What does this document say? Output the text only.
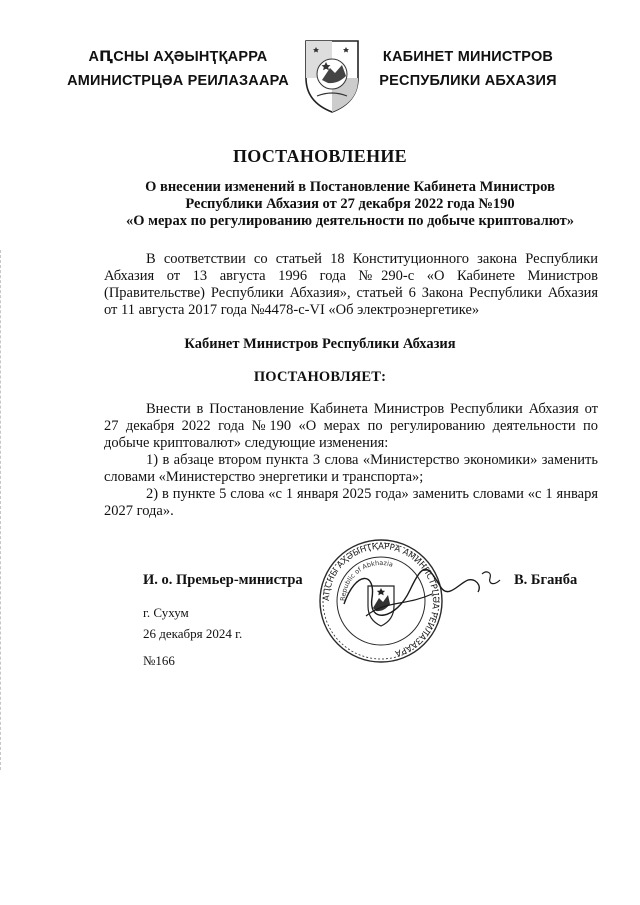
АԤСНЫ АҲӘЫНҬҚАРРА
АМИНИСТРЦӘА РЕИЛАЗААРА
КАБИНЕТ МИНИСТРОВ
РЕСПУБЛИКИ АБХАЗИЯ
ПОСТАНОВЛЕНИЕ
О внесении изменений в Постановление Кабинета Министров
Республики Абхазия от 27 декабря 2022 года №190
«О мерах по регулированию деятельности по добыче криптовалют»
В соответствии со статьей 18 Конституционного закона Республики Абхазия от 13 августа 1996 года №290-с «О Кабинете Министров (Правительстве) Республики Абхазия», статьей 6 Закона Республики Абхазия от 11 августа 2017 года №4478-с-VI «Об электроэнергетике»
Кабинет Министров Республики Абхазия
ПОСТАНОВЛЯЕТ:
Внести в Постановление Кабинета Министров Республики Абхазия от 27 декабря 2022 года №190 «О мерах по регулированию деятельности по добыче криптовалют» следующие изменения:
1) в абзаце втором пункта 3 слова «Министерство экономики» заменить словами «Министерство энергетики и транспорта»;
2) в пункте 5 слова «с 1 января 2025 года» заменить словами «с 1 января 2027 года».
АԤСНЫ АҲӘЫНҬҚАРРА АМИНИСТРЦӘА РЕИЛАЗААРА
Republic of Abkhazia
И. о. Премьер-министра	В. Бганба
г. Сухум
26 декабря 2024 г.
№166
